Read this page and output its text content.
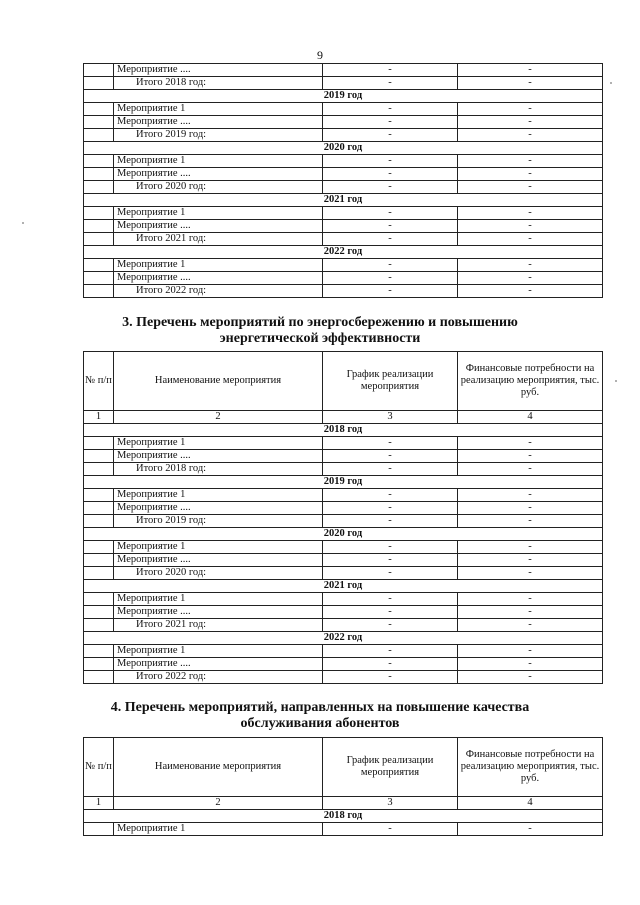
9
	Мероприятие ....	-	-
	Итого 2018 год:	-	-
2019 год			
	Мероприятие 1	-	-
	Мероприятие ....	-	-
	Итого 2019 год:	-	-
2020 год			
	Мероприятие 1	-	-
	Мероприятие ....	-	-
	Итого 2020 год:	-	-
2021 год			
	Мероприятие 1	-	-
	Мероприятие ....	-	-
	Итого 2021 год:	-	-
2022 год			
	Мероприятие 1	-	-
	Мероприятие ....	-	-
	Итого 2022 год:	-	-
3. Перечень мероприятий по энергосбережению и повышению
энергетической эффективности
№ п/п	Наименование мероприятия	График реализации мероприятия	Финансовые потребности на реализацию мероприятия, тыс. руб.
1	2	3	4
2018 год			
	Мероприятие 1	-	-
	Мероприятие ....	-	-
	Итого 2018 год:	-	-
2019 год			
	Мероприятие 1	-	-
	Мероприятие ....	-	-
	Итого 2019 год:	-	-
2020 год			
	Мероприятие 1	-	-
	Мероприятие ....	-	-
	Итого 2020 год:	-	-
2021 год			
	Мероприятие 1	-	-
	Мероприятие ....	-	-
	Итого 2021 год:	-	-
2022 год			
	Мероприятие 1	-	-
	Мероприятие ....	-	-
	Итого 2022 год:	-	-
4. Перечень мероприятий, направленных на повышение качества
обслуживания абонентов
№ п/п	Наименование мероприятия	График реализации мероприятия	Финансовые потребности на реализацию мероприятия, тыс. руб.
1	2	3	4
2018 год			
	Мероприятие 1	-	-
